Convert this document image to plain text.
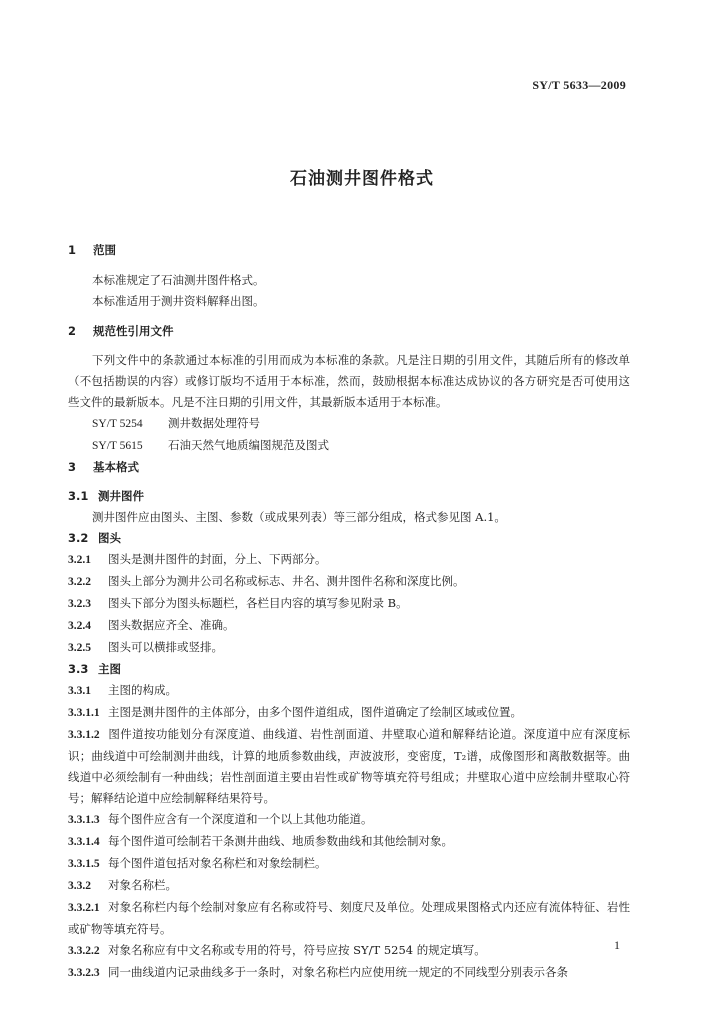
SY/T 5633—2009
石油测井图件格式

1 范围

本标准规定了石油测井图件格式。

本标准适用于测井资料解释出图。

2 规范性引用文件

下列文件中的条款通过本标准的引用而成为本标准的条款。凡是注日期的引用文件，其随后所有的修改单（不包括勘误的内容）或修订版均不适用于本标准，然而，鼓励根据本标准达成协议的各方研究是否可使用这些文件的最新版本。凡是不注日期的引用文件，其最新版本适用于本标准。

SY/T 5254 测井数据处理符号

SY/T 5615 石油天然气地质编图规范及图式

3 基本格式

3.1 测井图件

测井图件应由图头、主图、参数（或成果列表）等三部分组成，格式参见图 A.1。

3.2 图头

3.2.1 图头是测井图件的封面，分上、下两部分。

3.2.2 图头上部分为测井公司名称或标志、井名、测井图件名称和深度比例。

3.2.3 图头下部分为图头标题栏，各栏目内容的填写参见附录 B。

3.2.4 图头数据应齐全、准确。

3.2.5 图头可以横排或竖排。

3.3 主图

3.3.1 主图的构成。

3.3.1.1 主图是测井图件的主体部分，由多个图件道组成，图件道确定了绘制区域或位置。

3.3.1.2 图件道按功能划分有深度道、曲线道、岩性剖面道、井壁取心道和解释结论道。深度道中应有深度标识；曲线道中可绘制测井曲线，计算的地质参数曲线，声波波形，变密度，T₂谱，成像图形和离散数据等。曲线道中必须绘制有一种曲线；岩性剖面道主要由岩性或矿物等填充符号组成；井壁取心道中应绘制井壁取心符号；解释结论道中应绘制解释结果符号。

3.3.1.3 每个图件应含有一个深度道和一个以上其他功能道。

3.3.1.4 每个图件道可绘制若干条测井曲线、地质参数曲线和其他绘制对象。

3.3.1.5 每个图件道包括对象名称栏和对象绘制栏。

3.3.2 对象名称栏。

3.3.2.1 对象名称栏内每个绘制对象应有名称或符号、刻度尺及单位。处理成果图格式内还应有流体特征、岩性或矿物等填充符号。

3.3.2.2 对象名称应有中文名称或专用的符号，符号应按 SY/T 5254 的规定填写。

3.3.2.3 同一曲线道内记录曲线多于一条时，对象名称栏内应使用统一规定的不同线型分别表示各条

1
